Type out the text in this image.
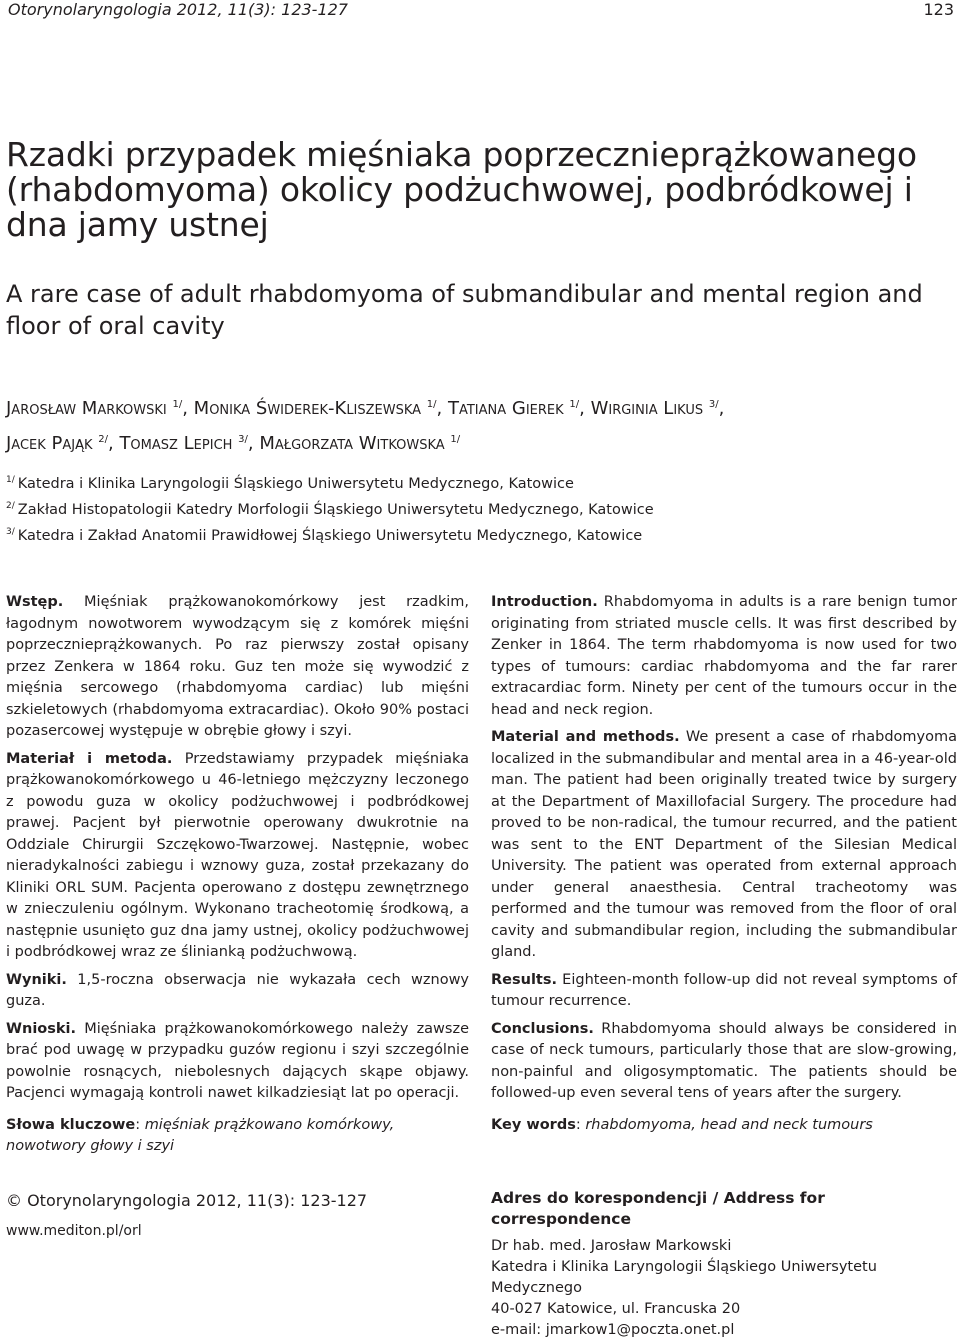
Otorynolaryngologia 2012, 11(3): 123-127	123
Rzadki przypadek mięśniaka poprzecznieprążkowanego (rhabdomyoma) okolicy podżuchwowej, podbródkowej i dna jamy ustnej
A rare case of adult rhabdomyoma of submandibular and mental region and floor of oral cavity
Jarosław Markowski $^{1/}$, Monika Świderek-Kliszewska $^{1/}$, Tatiana Gierek $^{1/}$, Wirginia Likus $^{3/}$,
Jacek Pająk $^{2/}$, Tomasz Lepich $^{3/}$, Małgorzata Witkowska $^{1/}$
$^{1/}$ Katedra i Klinika Laryngologii Śląskiego Uniwersytetu Medycznego, Katowice
$^{2/}$ Zakład Histopatologii Katedry Morfologii Śląskiego Uniwersytetu Medycznego, Katowice
$^{3/}$ Katedra i Zakład Anatomii Prawidłowej Śląskiego Uniwersytetu Medycznego, Katowice

Wstęp. Mięśniak prążkowanokomórkowy jest rzadkim, łagodnym nowotworem wywodzącym się z komórek mięśni poprzecznieprążkowanych. Po raz pierwszy został opisany przez Zenkera w 1864 roku. Guz ten może się wywodzić z mięśnia sercowego (rhabdomyoma cardiac) lub mięśni szkieletowych (rhabdomyoma extracardiac). Około 90% postaci pozasercowej występuje w obrębie głowy i szyi.

Materiał i metoda. Przedstawiamy przypadek mięśniaka prążkowanokomórkowego u 46-letniego mężczyzny leczonego z powodu guza w okolicy podżuchwowej i podbródkowej prawej. Pacjent był pierwotnie operowany dwukrotnie na Oddziale Chirurgii Szczękowo-Twarzowej. Następnie, wobec nieradykalności zabiegu i wznowy guza, został przekazany do Kliniki ORL SUM. Pacjenta operowano z dostępu zewnętrznego w znieczuleniu ogólnym. Wykonano tracheotomię środkową, a następnie usunięto guz dna jamy ustnej, okolicy podżuchwowej i podbródkowej wraz ze ślinianką podżuchwową.

Wyniki. 1,5-roczna obserwacja nie wykazała cech wznowy guza.

Wnioski. Mięśniaka prążkowanokomórkowego należy zawsze brać pod uwagę w przypadku guzów regionu i szyi szczególnie powolnie rosnących, niebolesnych dających skąpe objawy. Pacjenci wymagają kontroli nawet kilkadziesiąt lat po operacji.

Słowa kluczowe: mięśniak prążkowano komórkowy, nowotwory głowy i szyi

Introduction. Rhabdomyoma in adults is a rare benign tumor originating from striated muscle cells. It was first described by Zenker in 1864. The term rhabdomyoma is now used for two types of tumours: cardiac rhabdomyoma and the far rarer extracardiac form. Ninety per cent of the tumours occur in the head and neck region.

Material and methods. We present a case of rhabdomyoma localized in the submandibular and mental area in a 46-year-old man. The patient had been originally treated twice by surgery at the Department of Maxillofacial Surgery. The procedure had proved to be non-radical, the tumour recurred, and the patient was sent to the ENT Department of the Silesian Medical University. The patient was operated from external approach under general anaesthesia. Central tracheotomy was performed and the tumour was removed from the floor of oral cavity and submandibular region, including the submandibular gland.

Results. Eighteen-month follow-up did not reveal symptoms of tumour recurrence.

Conclusions. Rhabdomyoma should always be considered in case of neck tumours, particularly those that are slow-growing, non-painful and oligosymptomatic. The patients should be followed-up even several tens of years after the surgery.

Key words: rhabdomyoma, head and neck tumours

© Otorynolaryngologia 2012, 11(3): 123-127
www.mediton.pl/orl
Adres do korespondencji / Address for correspondence
Dr hab. med. Jarosław Markowski
Katedra i Klinika Laryngologii Śląskiego Uniwersytetu Medycznego
40-027 Katowice, ul. Francuska 20
e-mail: jmarkow1@poczta.onet.pl
